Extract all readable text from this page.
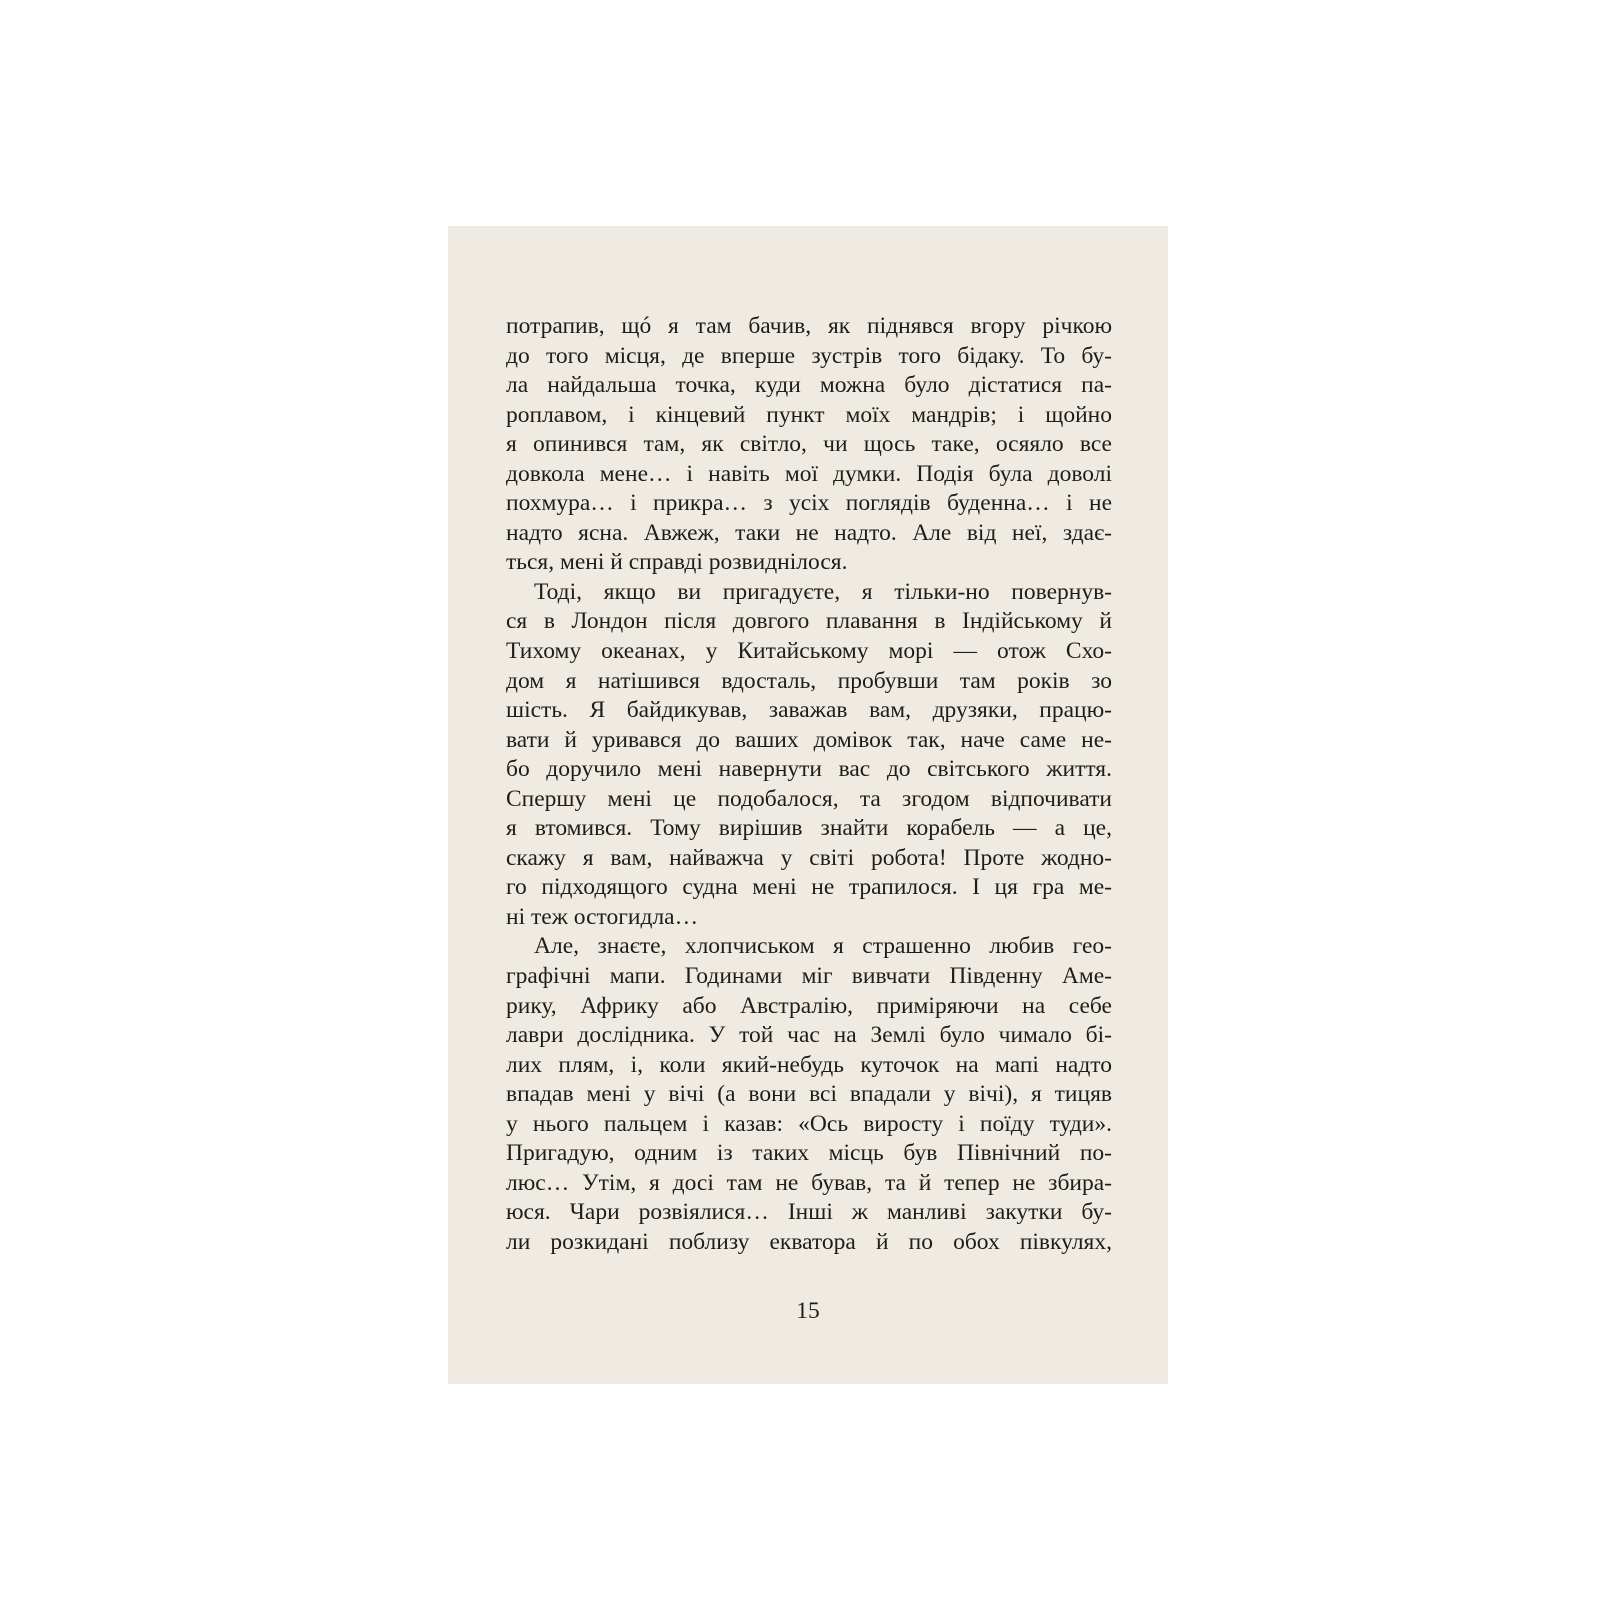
потрапив, щó я там бачив, як піднявся вгору річкою
до того місця, де вперше зустрів того бідаку. То бу-
ла найдальша точка, куди можна було дістатися па-
роплавом, і кінцевий пункт моїх мандрів; і щойно
я опинився там, як світло, чи щось таке, осяяло все
довкола мене… і навіть мої думки. Подія була доволі
похмура… і прикра… з усіх поглядів буденна… і не
надто ясна. Авжеж, таки не надто. Але від неї, здає-
ться, мені й справді розвиднілося.
Тоді, якщо ви пригадуєте, я тільки-но повернув-
ся в Лондон після довгого плавання в Індійському й
Тихому океанах, у Китайському морі — отож Схо-
дом я натішився вдосталь, пробувши там років зо
шість. Я байдикував, заважав вам, друзяки, працю-
вати й уривався до ваших домівок так, наче саме не-
бо доручило мені навернути вас до світського життя.
Спершу мені це подобалося, та згодом відпочивати
я втомився. Тому вирішив знайти корабель — а це,
скажу я вам, найважча у світі робота! Проте жодно-
го підходящого судна мені не трапилося. І ця гра ме-
ні теж остогидла…
Але, знаєте, хлопчиськом я страшенно любив гео-
графічні мапи. Годинами міг вивчати Південну Аме-
рику, Африку або Австралію, приміряючи на себе
лаври дослідника. У той час на Землі було чимало бі-
лих плям, і, коли який-небудь куточок на мапі надто
впадав мені у вічі (а вони всі впадали у вічі), я тицяв
у нього пальцем і казав: «Ось виросту і поїду туди».
Пригадую, одним із таких місць був Північний по-
люс… Утім, я досі там не бував, та й тепер не збира-
юся. Чари розвіялися… Інші ж манливі закутки бу-
ли розкидані поблизу екватора й по обох півкулях,
15
